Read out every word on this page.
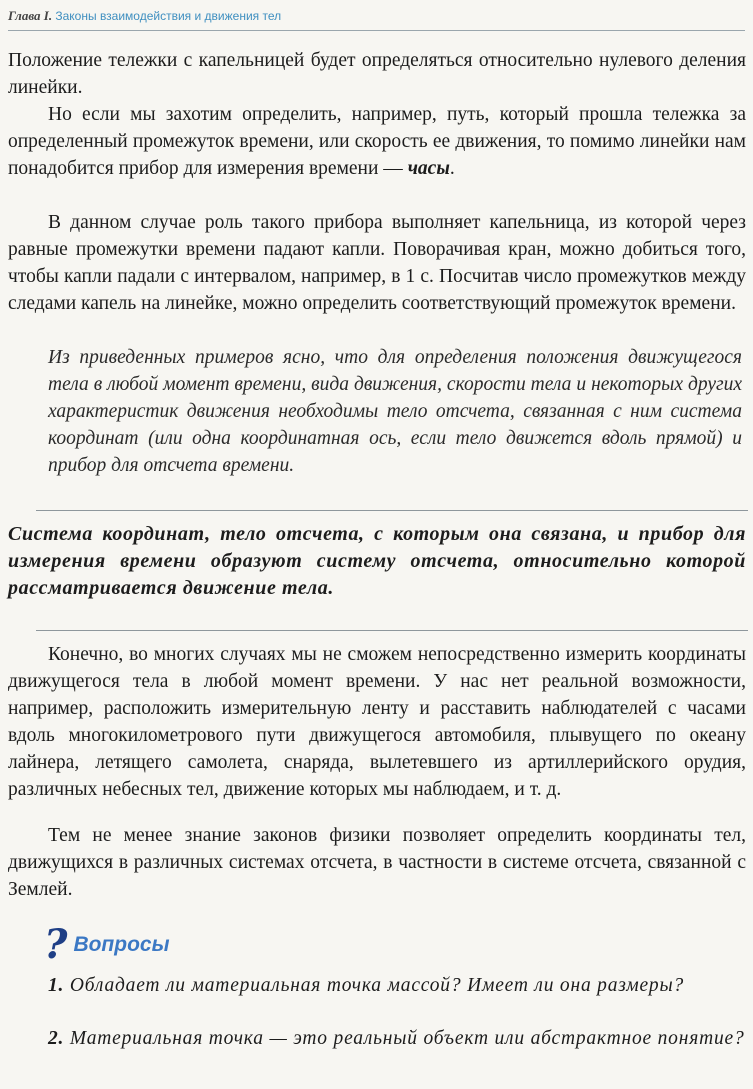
Глава I. Законы взаимодействия и движения тел

Положение тележки с капельницей будет определяться относительно нулевого деления линейки.

Но если мы захотим определить, например, путь, который прошла тележка за определенный промежуток времени, или скорость ее движения, то помимо линейки нам понадобится прибор для измерения времени — часы.

В данном случае роль такого прибора выполняет капельница, из которой через равные промежутки времени падают капли. Поворачивая кран, можно добиться того, чтобы капли падали с интервалом, например, в 1 с. Посчитав число промежутков между следами капель на линейке, можно определить соответствующий промежуток времени.

Из приведенных примеров ясно, что для определения положения движущегося тела в любой момент времени, вида движения, скорости тела и некоторых других характеристик движения необходимы тело отсчета, связанная с ним система координат (или одна координатная ось, если тело движется вдоль прямой) и прибор для отсчета времени.

Система координат, тело отсчета, с которым она связана, и прибор для измерения времени образуют систему отсчета, относительно которой рассматривается движение тела.

Конечно, во многих случаях мы не сможем непосредственно измерить координаты движущегося тела в любой момент времени. У нас нет реальной возможности, например, расположить измерительную ленту и расставить наблюдателей с часами вдоль многокилометрового пути движущегося автомобиля, плывущего по океану лайнера, летящего самолета, снаряда, вылетевшего из артиллерийского орудия, различных небесных тел, движение которых мы наблюдаем, и т. д.

Тем не менее знание законов физики позволяет определить координаты тел, движущихся в различных системах отсчета, в частности в системе отсчета, связанной с Землей.

? Вопросы

1. Обладает ли материальная точка массой? Имеет ли она размеры?

2. Материальная точка — это реальный объект или абстрактное понятие?
